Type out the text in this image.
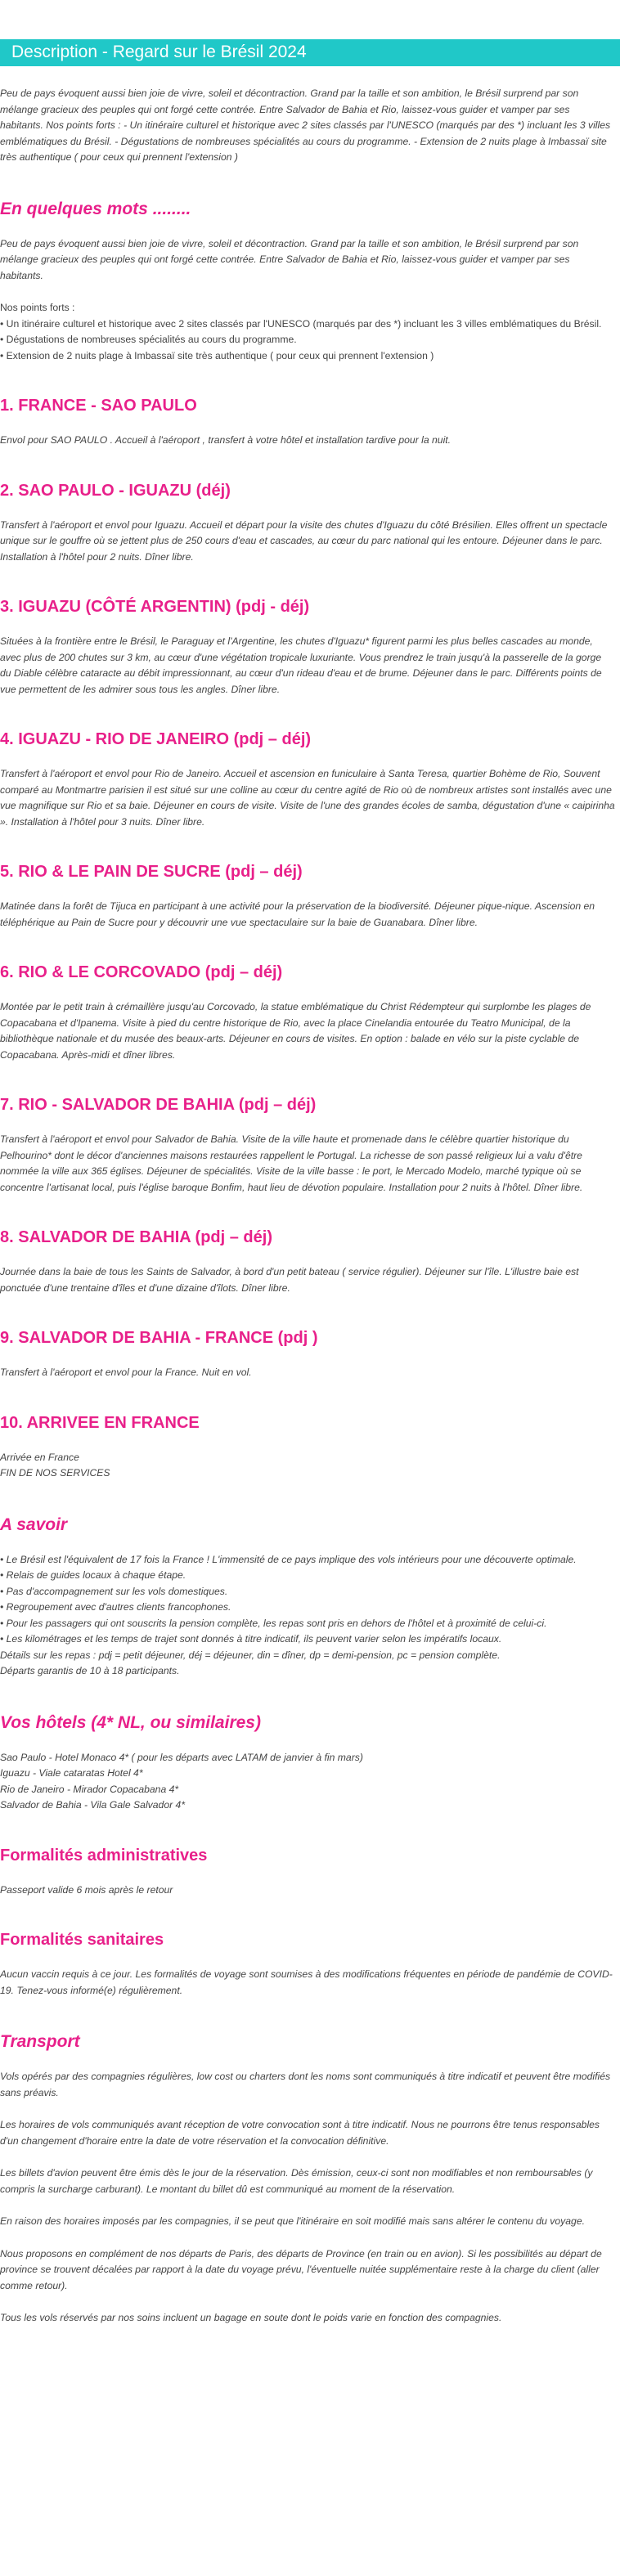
Description - Regard sur le Brésil 2024

Peu de pays évoquent aussi bien joie de vivre, soleil et décontraction. Grand par la taille et son ambition, le Brésil surprend par son mélange gracieux des peuples qui ont forgé cette contrée. Entre Salvador de Bahia et Rio, laissez-vous guider et vamper par ses habitants. Nos points forts : - Un itinéraire culturel et historique avec 2 sites classés par l'UNESCO (marqués par des *) incluant les 3 villes emblématiques du Brésil. - Dégustations de nombreuses spécialités au cours du programme. - Extension de 2 nuits plage à Imbassaï site très authentique ( pour ceux qui prennent l'extension )

En quelques mots ........

Peu de pays évoquent aussi bien joie de vivre, soleil et décontraction. Grand par la taille et son ambition, le Brésil surprend par son mélange gracieux des peuples qui ont forgé cette contrée. Entre Salvador de Bahia et Rio, laissez-vous guider et vamper par ses habitants.

Nos points forts :

• Un itinéraire culturel et historique avec 2 sites classés par l'UNESCO (marqués par des *) incluant les 3 villes emblématiques du Brésil.
• Dégustations de nombreuses spécialités au cours du programme.
• Extension de 2 nuits plage à Imbassaï site très authentique ( pour ceux qui prennent l'extension )
1. FRANCE - SAO PAULO

Envol pour SAO PAULO . Accueil à l'aéroport , transfert à votre hôtel et installation tardive pour la nuit.

2. SAO PAULO - IGUAZU (déj)

Transfert à l'aéroport et envol pour Iguazu. Accueil et départ pour la visite des chutes d'Iguazu du côté Brésilien. Elles offrent un spectacle unique sur le gouffre où se jettent plus de 250 cours d'eau et cascades, au cœur du parc national qui les entoure. Déjeuner dans le parc. Installation à l'hôtel pour 2 nuits. Dîner libre.

3. IGUAZU (CÔTÉ ARGENTIN) (pdj - déj)

Situées à la frontière entre le Brésil, le Paraguay et l'Argentine, les chutes d'Iguazu* figurent parmi les plus belles cascades au monde, avec plus de 200 chutes sur 3 km, au cœur d'une végétation tropicale luxuriante. Vous prendrez le train jusqu'à la passerelle de la gorge du Diable célèbre cataracte au débit impressionnant, au cœur d'un rideau d'eau et de brume. Déjeuner dans le parc. Différents points de vue permettent de les admirer sous tous les angles. Dîner libre.

4. IGUAZU - RIO DE JANEIRO (pdj – déj)

Transfert à l'aéroport et envol pour Rio de Janeiro. Accueil et ascension en funiculaire à Santa Teresa, quartier Bohème de Rio, Souvent comparé au Montmartre parisien il est situé sur une colline au cœur du centre agité de Rio où de nombreux artistes sont installés avec une vue magnifique sur Rio et sa baie. Déjeuner en cours de visite. Visite de l'une des grandes écoles de samba, dégustation d'une « caipirinha ». Installation à l'hôtel pour 3 nuits. Dîner libre.

5. RIO & LE PAIN DE SUCRE (pdj – déj)

Matinée dans la forêt de Tijuca en participant à une activité pour la préservation de la biodiversité. Déjeuner pique-nique. Ascension en téléphérique au Pain de Sucre pour y découvrir une vue spectaculaire sur la baie de Guanabara. Dîner libre.

6. RIO & LE CORCOVADO (pdj – déj)

Montée par le petit train à crémaillère jusqu'au Corcovado, la statue emblématique du Christ Rédempteur qui surplombe les plages de Copacabana et d'Ipanema. Visite à pied du centre historique de Rio, avec la place Cinelandia entourée du Teatro Municipal, de la bibliothèque nationale et du musée des beaux-arts. Déjeuner en cours de visites. En option : balade en vélo sur la piste cyclable de Copacabana. Après-midi et dîner libres.

7. RIO - SALVADOR DE BAHIA (pdj – déj)

Transfert à l'aéroport et envol pour Salvador de Bahia. Visite de la ville haute et promenade dans le célèbre quartier historique du Pelhourino* dont le décor d'anciennes maisons restaurées rappellent le Portugal. La richesse de son passé religieux lui a valu d'être nommée la ville aux 365 églises. Déjeuner de spécialités. Visite de la ville basse : le port, le Mercado Modelo, marché typique où se concentre l'artisanat local, puis l'église baroque Bonfim, haut lieu de dévotion populaire. Installation pour 2 nuits à l'hôtel. Dîner libre.

8. SALVADOR DE BAHIA (pdj – déj)

Journée dans la baie de tous les Saints de Salvador, à bord d'un petit bateau ( service régulier). Déjeuner sur l'île. L'illustre baie est ponctuée d'une trentaine d'îles et d'une dizaine d'îlots. Dîner libre.

9. SALVADOR DE BAHIA - FRANCE (pdj )

Transfert à l'aéroport et envol pour la France. Nuit en vol.

10. ARRIVEE EN FRANCE

Arrivée en France

FIN DE NOS SERVICES

A savoir
• Le Brésil est l'équivalent de 17 fois la France ! L'immensité de ce pays implique des vols intérieurs pour une découverte optimale.
• Relais de guides locaux à chaque étape.
• Pas d'accompagnement sur les vols domestiques.
• Regroupement avec d'autres clients francophones.
• Pour les passagers qui ont souscrits la pension complète, les repas sont pris en dehors de l'hôtel et à proximité de celui-ci.
• Les kilométrages et les temps de trajet sont donnés à titre indicatif, ils peuvent varier selon les impératifs locaux.

Détails sur les repas : pdj = petit déjeuner, déj = déjeuner, din = dîner, dp = demi-pension, pc = pension complète.

Départs garantis de 10 à 18 participants.

Vos hôtels (4* NL, ou similaires)

Sao Paulo - Hotel Monaco 4* ( pour les départs avec LATAM de janvier à fin mars)

Iguazu - Viale cataratas Hotel 4*

Rio de Janeiro - Mirador Copacabana 4*

Salvador de Bahia - Vila Gale Salvador 4*

Formalités administratives

Passeport valide 6 mois après le retour

Formalités sanitaires

Aucun vaccin requis à ce jour. Les formalités de voyage sont soumises à des modifications fréquentes en période de pandémie de COVID-19. Tenez-vous informé(e) régulièrement.

Transport

Vols opérés par des compagnies régulières, low cost ou charters dont les noms sont communiqués à titre indicatif et peuvent être modifiés sans préavis.

Les horaires de vols communiqués avant réception de votre convocation sont à titre indicatif. Nous ne pourrons être tenus responsables d'un changement d'horaire entre la date de votre réservation et la convocation définitive.

Les billets d'avion peuvent être émis dès le jour de la réservation. Dès émission, ceux-ci sont non modifiables et non remboursables (y compris la surcharge carburant). Le montant du billet dû est communiqué au moment de la réservation.

En raison des horaires imposés par les compagnies, il se peut que l'itinéraire en soit modifié mais sans altérer le contenu du voyage.

Nous proposons en complément de nos départs de Paris, des départs de Province (en train ou en avion). Si les possibilités au départ de province se trouvent décalées par rapport à la date du voyage prévu, l'éventuelle nuitée supplémentaire reste à la charge du client (aller comme retour).

Tous les vols réservés par nos soins incluent un bagage en soute dont le poids varie en fonction des compagnies.
